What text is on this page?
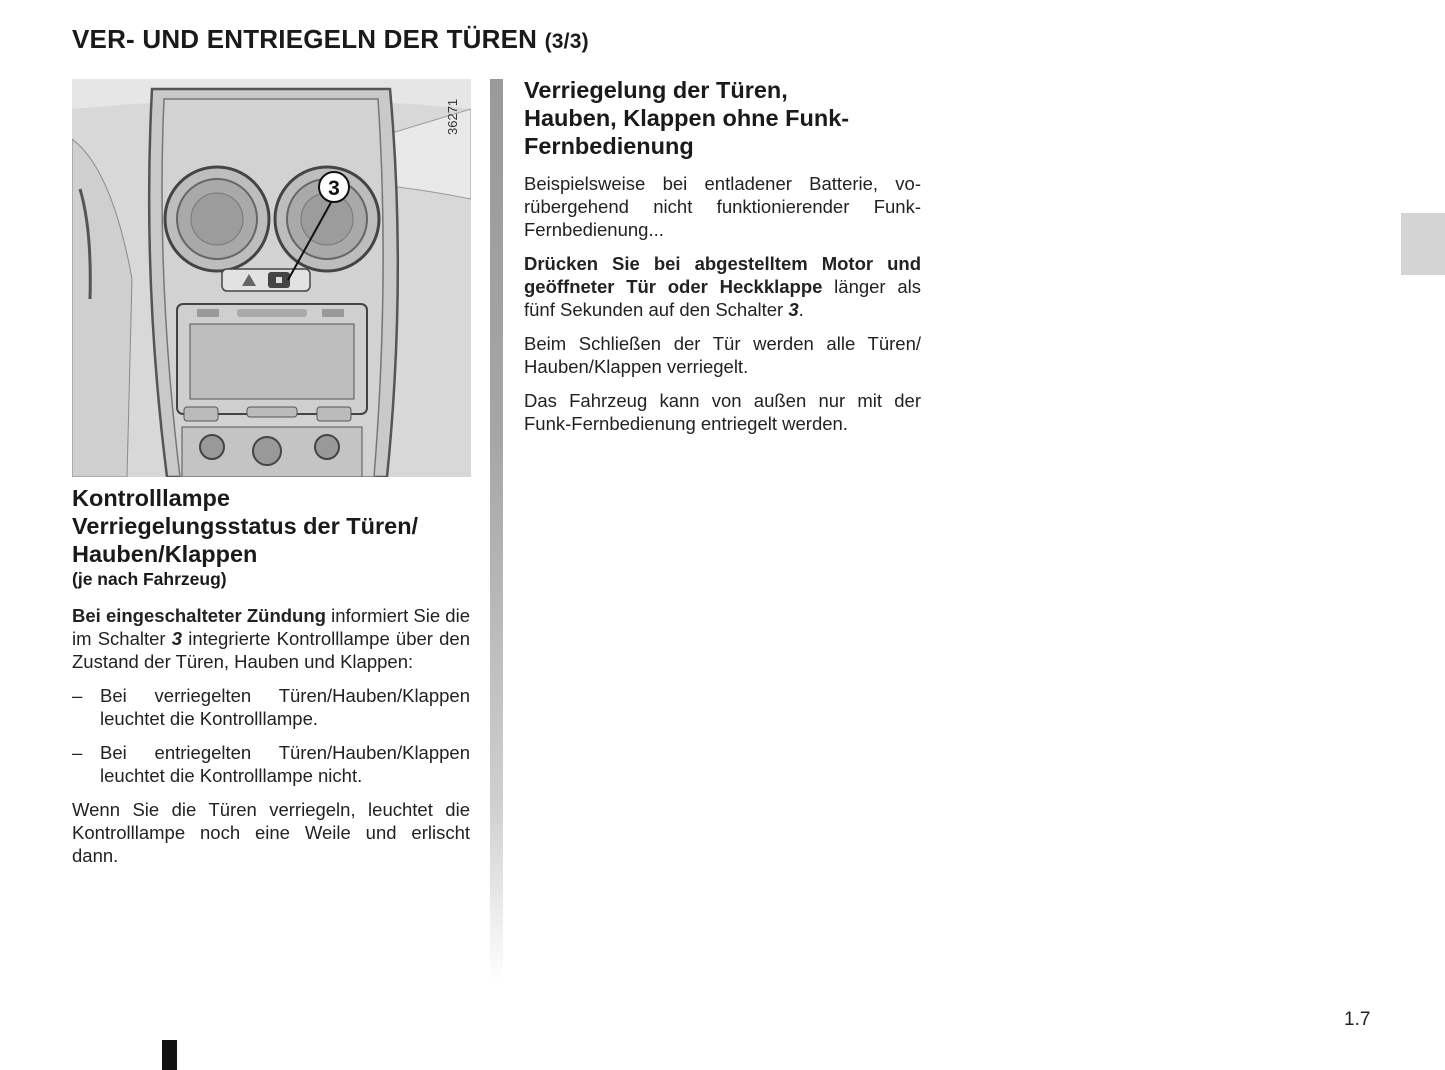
VER- UND ENTRIEGELN DER TÜREN (3/3)
3
36271
Kontrolllampe
Verriegelungsstatus der Türen/
Hauben/Klappen
(je nach Fahrzeug)

Bei eingeschalteter Zündung informiert Sie die im Schalter 3 integrierte Kontrolllampe über den Zustand der Türen, Hauben und Klappen:

– Bei verriegelten Türen/Hauben/Klappen leuchtet die Kontrolllampe.
– Bei entriegelten Türen/Hauben/Klappen leuchtet die Kontrolllampe nicht.

Wenn Sie die Türen verriegeln, leuchtet die Kontrolllampe noch eine Weile und erlischt dann.

Verriegelung der Türen,
Hauben, Klappen ohne Funk-
Fernbedienung

Beispielsweise bei entladener Batterie, vorübergehend nicht funktionierender Funk-Fernbedienung...

Drücken Sie bei abgestelltem Motor und geöffneter Tür oder Heckklappe länger als fünf Sekunden auf den Schalter 3.

Beim Schließen der Tür werden alle Türen/ Hauben/Klappen verriegelt.

Das Fahrzeug kann von außen nur mit der Funk-Fernbedienung entriegelt werden.

1.7
